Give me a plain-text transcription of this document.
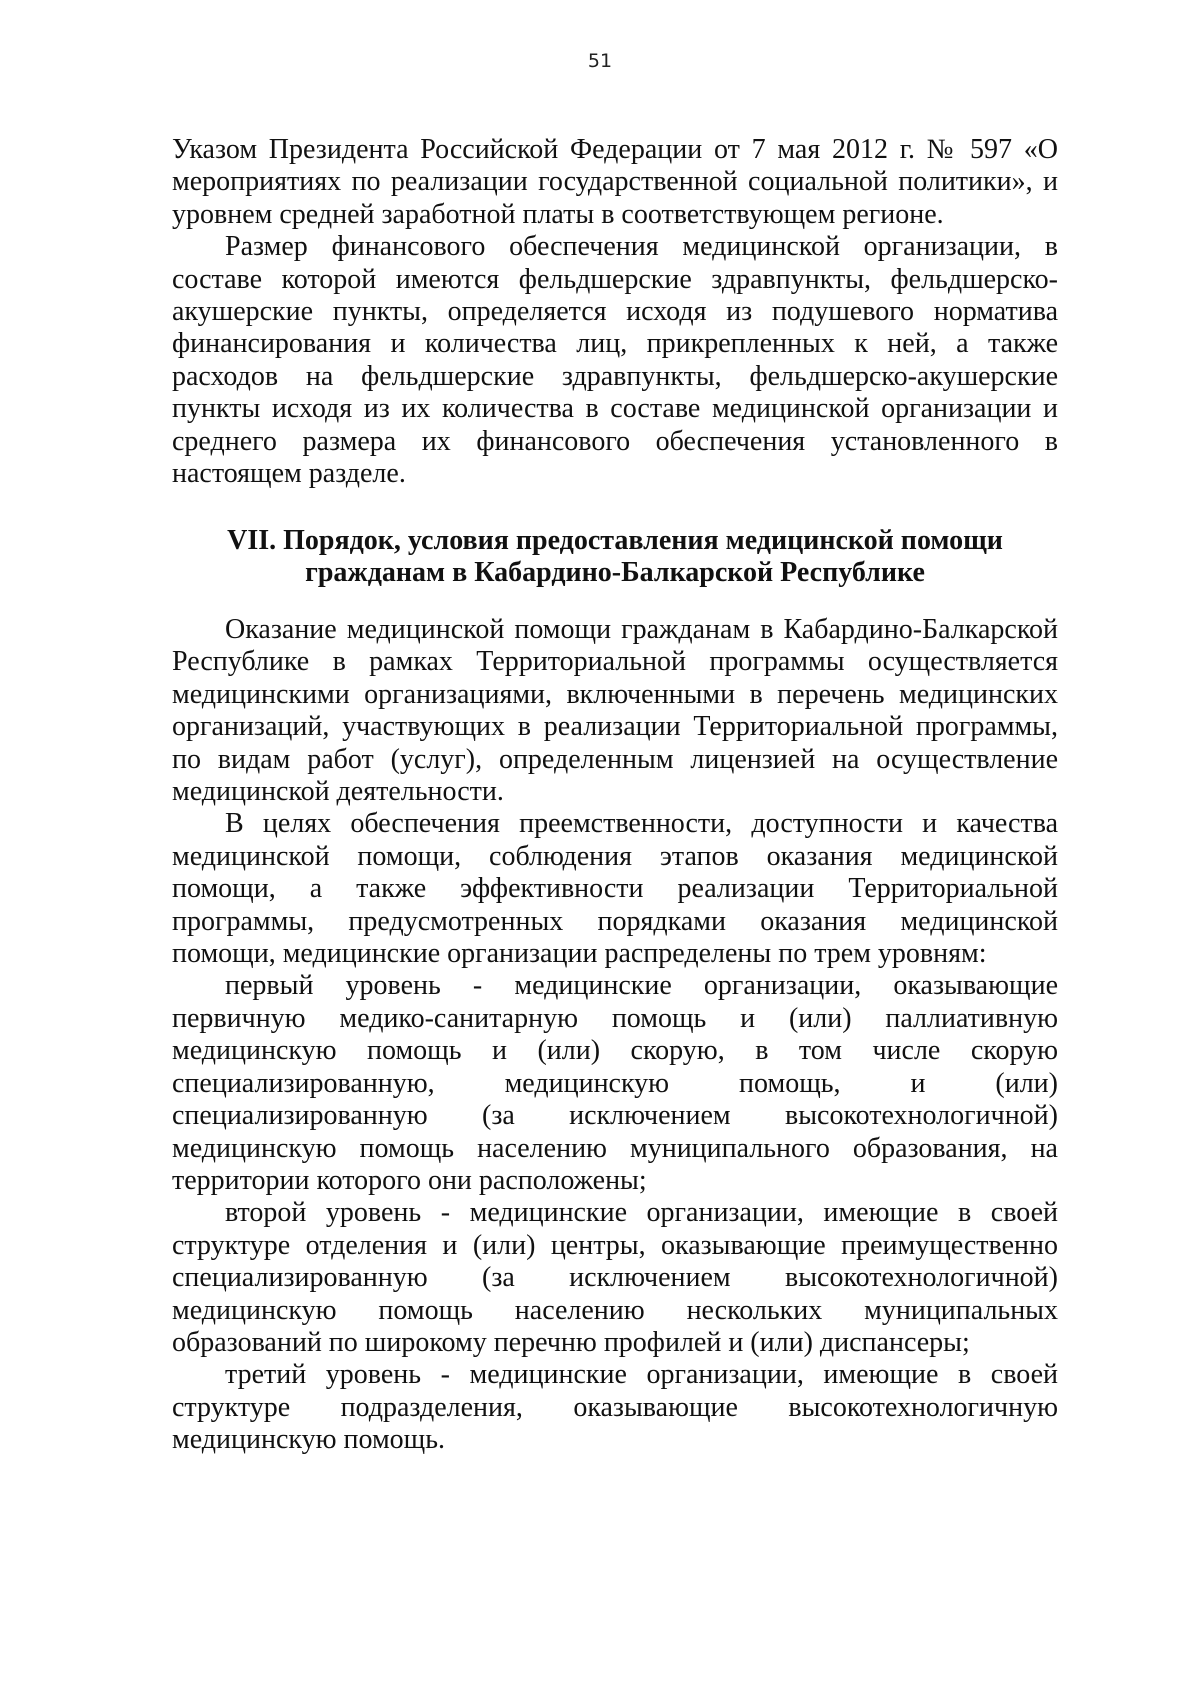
51

Указом Президента Российской Федерации от 7 мая 2012 г. № 597 «О мероприятиях по реализации государственной социальной политики», и уровнем средней заработной платы в соответствующем регионе.

Размер финансового обеспечения медицинской организации, в составе которой имеются фельдшерские здравпункты, фельдшерско-акушерские пункты, определяется исходя из подушевого норматива финансирования и количества лиц, прикрепленных к ней, а также расходов на фельдшерские здравпункты, фельдшерско-акушерские пункты исходя из их количества в составе медицинской организации и среднего размера их финансового обеспечения установленного в настоящем разделе.

VII. Порядок, условия предоставления медицинской помощи
гражданам в Кабардино-Балкарской Республике

Оказание медицинской помощи гражданам в Кабардино-Балкарской Республике в рамках Территориальной программы осуществляется медицинскими организациями, включенными в перечень медицинских организаций, участвующих в реализации Территориальной программы, по видам работ (услуг), определенным лицензией на осуществление медицинской деятельности.

В целях обеспечения преемственности, доступности и качества медицинской помощи, соблюдения этапов оказания медицинской помощи, а также эффективности реализации Территориальной программы, предусмотренных порядками оказания медицинской помощи, медицинские организации распределены по трем уровням:

первый уровень - медицинские организации, оказывающие первичную медико-санитарную помощь и (или) паллиативную медицинскую помощь и (или) скорую, в том числе скорую специализированную, медицинскую помощь, и (или) специализированную (за исключением высокотехнологичной) медицинскую помощь населению муниципального образования, на территории которого они расположены;

второй уровень - медицинские организации, имеющие в своей структуре отделения и (или) центры, оказывающие преимущественно специализированную (за исключением высокотехнологичной) медицинскую помощь населению нескольких муниципальных образований по широкому перечню профилей и (или) диспансеры;

третий уровень - медицинские организации, имеющие в своей структуре подразделения, оказывающие высокотехнологичную медицинскую помощь.
